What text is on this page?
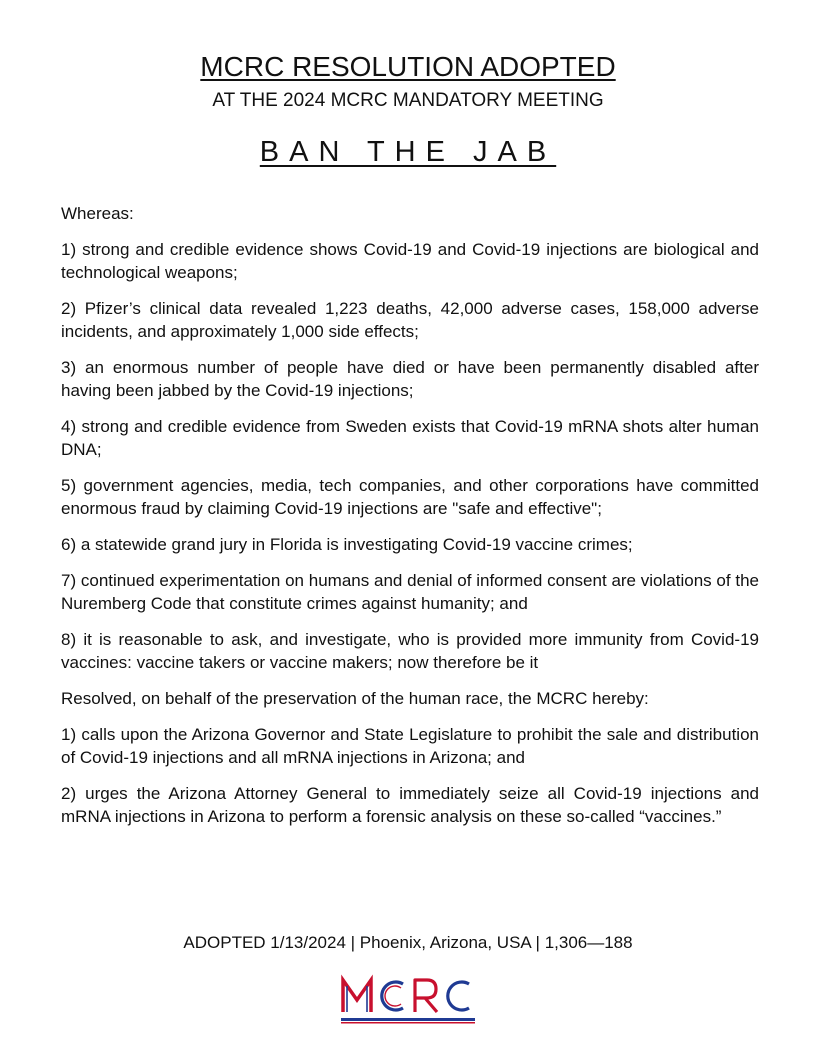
MCRC RESOLUTION ADOPTED
AT THE 2024 MCRC MANDATORY MEETING
BAN THE JAB

Whereas:

1) strong and credible evidence shows Covid-19 and Covid-19 injections are biological and technological weapons;

2) Pfizer’s clinical data revealed 1,223 deaths, 42,000 adverse cases, 158,000 adverse incidents, and approximately 1,000 side effects;

3) an enormous number of people have died or have been permanently disabled after having been jabbed by the Covid-19 injections;

4) strong and credible evidence from Sweden exists that Covid-19 mRNA shots alter human DNA;

5) government agencies, media, tech companies, and other corporations have committed enormous fraud by claiming Covid-19 injections are "safe and effective";

6) a statewide grand jury in Florida is investigating Covid-19 vaccine crimes;

7) continued experimentation on humans and denial of informed consent are violations of the Nuremberg Code that constitute crimes against humanity; and

8) it is reasonable to ask, and investigate, who is provided more immunity from Covid-19 vaccines: vaccine takers or vaccine makers; now therefore be it

Resolved, on behalf of the preservation of the human race, the MCRC hereby:

1) calls upon the Arizona Governor and State Legislature to prohibit the sale and distribution of Covid-19 injections and all mRNA injections in Arizona; and

2) urges the Arizona Attorney General to immediately seize all Covid-19 injections and mRNA injections in Arizona to perform a forensic analysis on these so-called “vaccines.”

ADOPTED 1/13/2024 | Phoenix, Arizona, USA | 1,306—188
